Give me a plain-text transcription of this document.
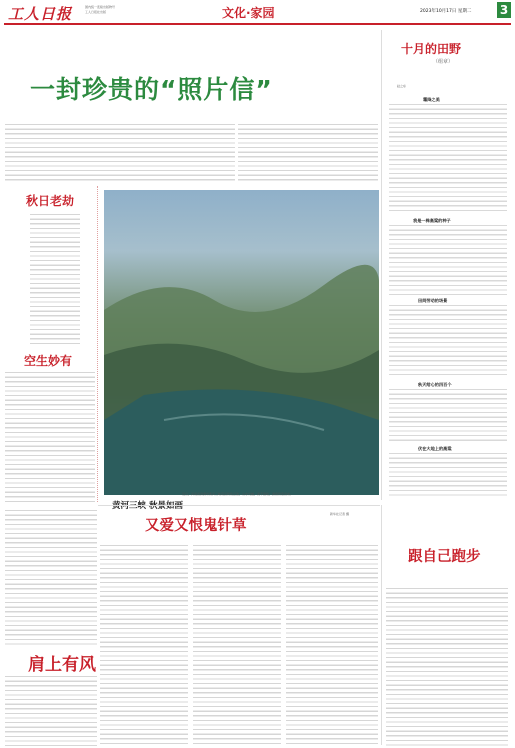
工人日报	国内统一连续出版物号
工人日报社出版	文化·家园	2023年10月17日 星期二 3
一封珍贵的“照片信”
十月的田野
（组章）
赵之东
霜降之美
我是一株高粱的种子
田间劳动的场景
秋天给心的四百个
伏在大地上的高粱
秋日老劫
空生妙有
黄河三峡 秋景如画
近日，河南省济源市黄河三峡景区秋色正浓，山水交融，美不胜收，游客纷至沓来。
新华社记者 摄
又爱又恨鬼针草
肩上有风
跟自己跑步
